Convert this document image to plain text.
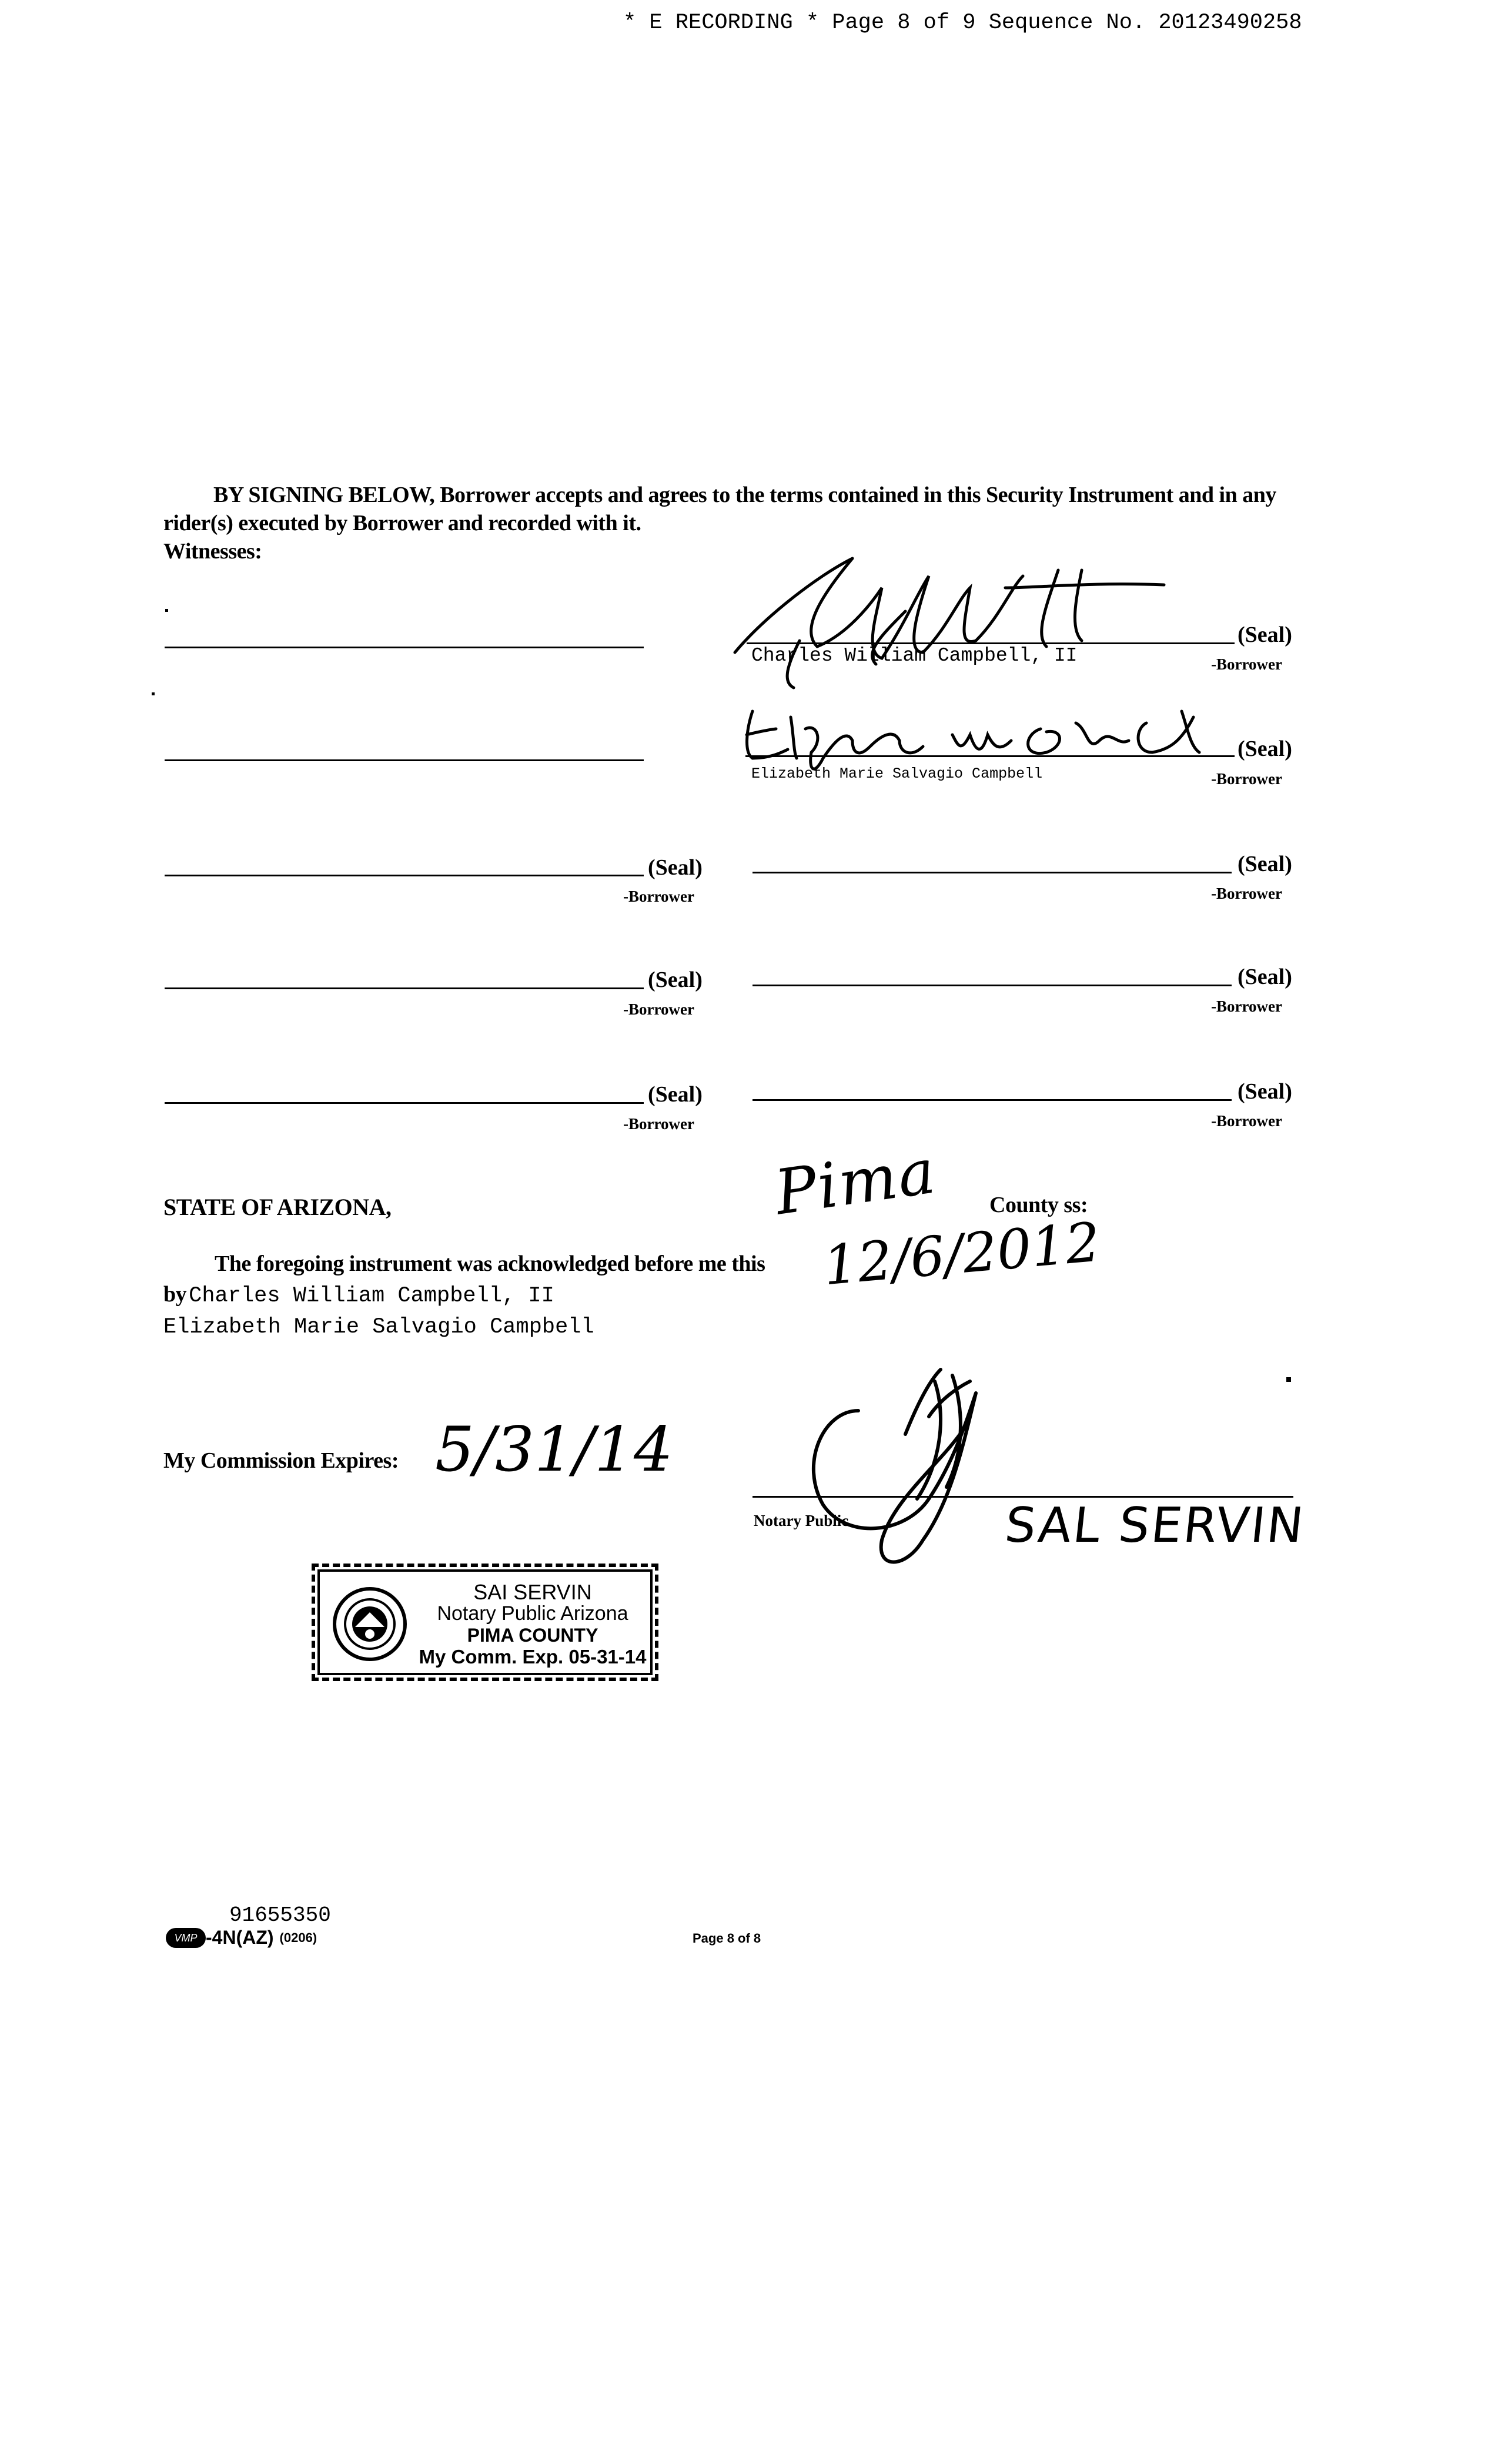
* E RECORDING * Page 8 of 9 Sequence No. 20123490258
BY SIGNING BELOW, Borrower accepts and agrees to the terms contained in this Security Instrument and in any rider(s) executed by Borrower and recorded with it.
Witnesses:
Charles William Campbell, II
(Seal)
-Borrower
Elizabeth Marie Salvagio Campbell
(Seal)
-Borrower
(Seal)
-Borrower
(Seal)
-Borrower
(Seal)
-Borrower
(Seal)
-Borrower
(Seal)
-Borrower
(Seal)
-Borrower
STATE OF ARIZONA,	Pima County ss:
The foregoing instrument was acknowledged before me this 12/6/2012
by Charles William Campbell, II
Elizabeth Marie Salvagio Campbell
My Commission Expires: 5/31/14
Notary Public	SAL SERVIN
SAI SERVIN
Notary Public Arizona
PIMA COUNTY
My Comm. Exp. 05-31-14
91655350
VMP -4N(AZ) (0206)	Page 8 of 8
